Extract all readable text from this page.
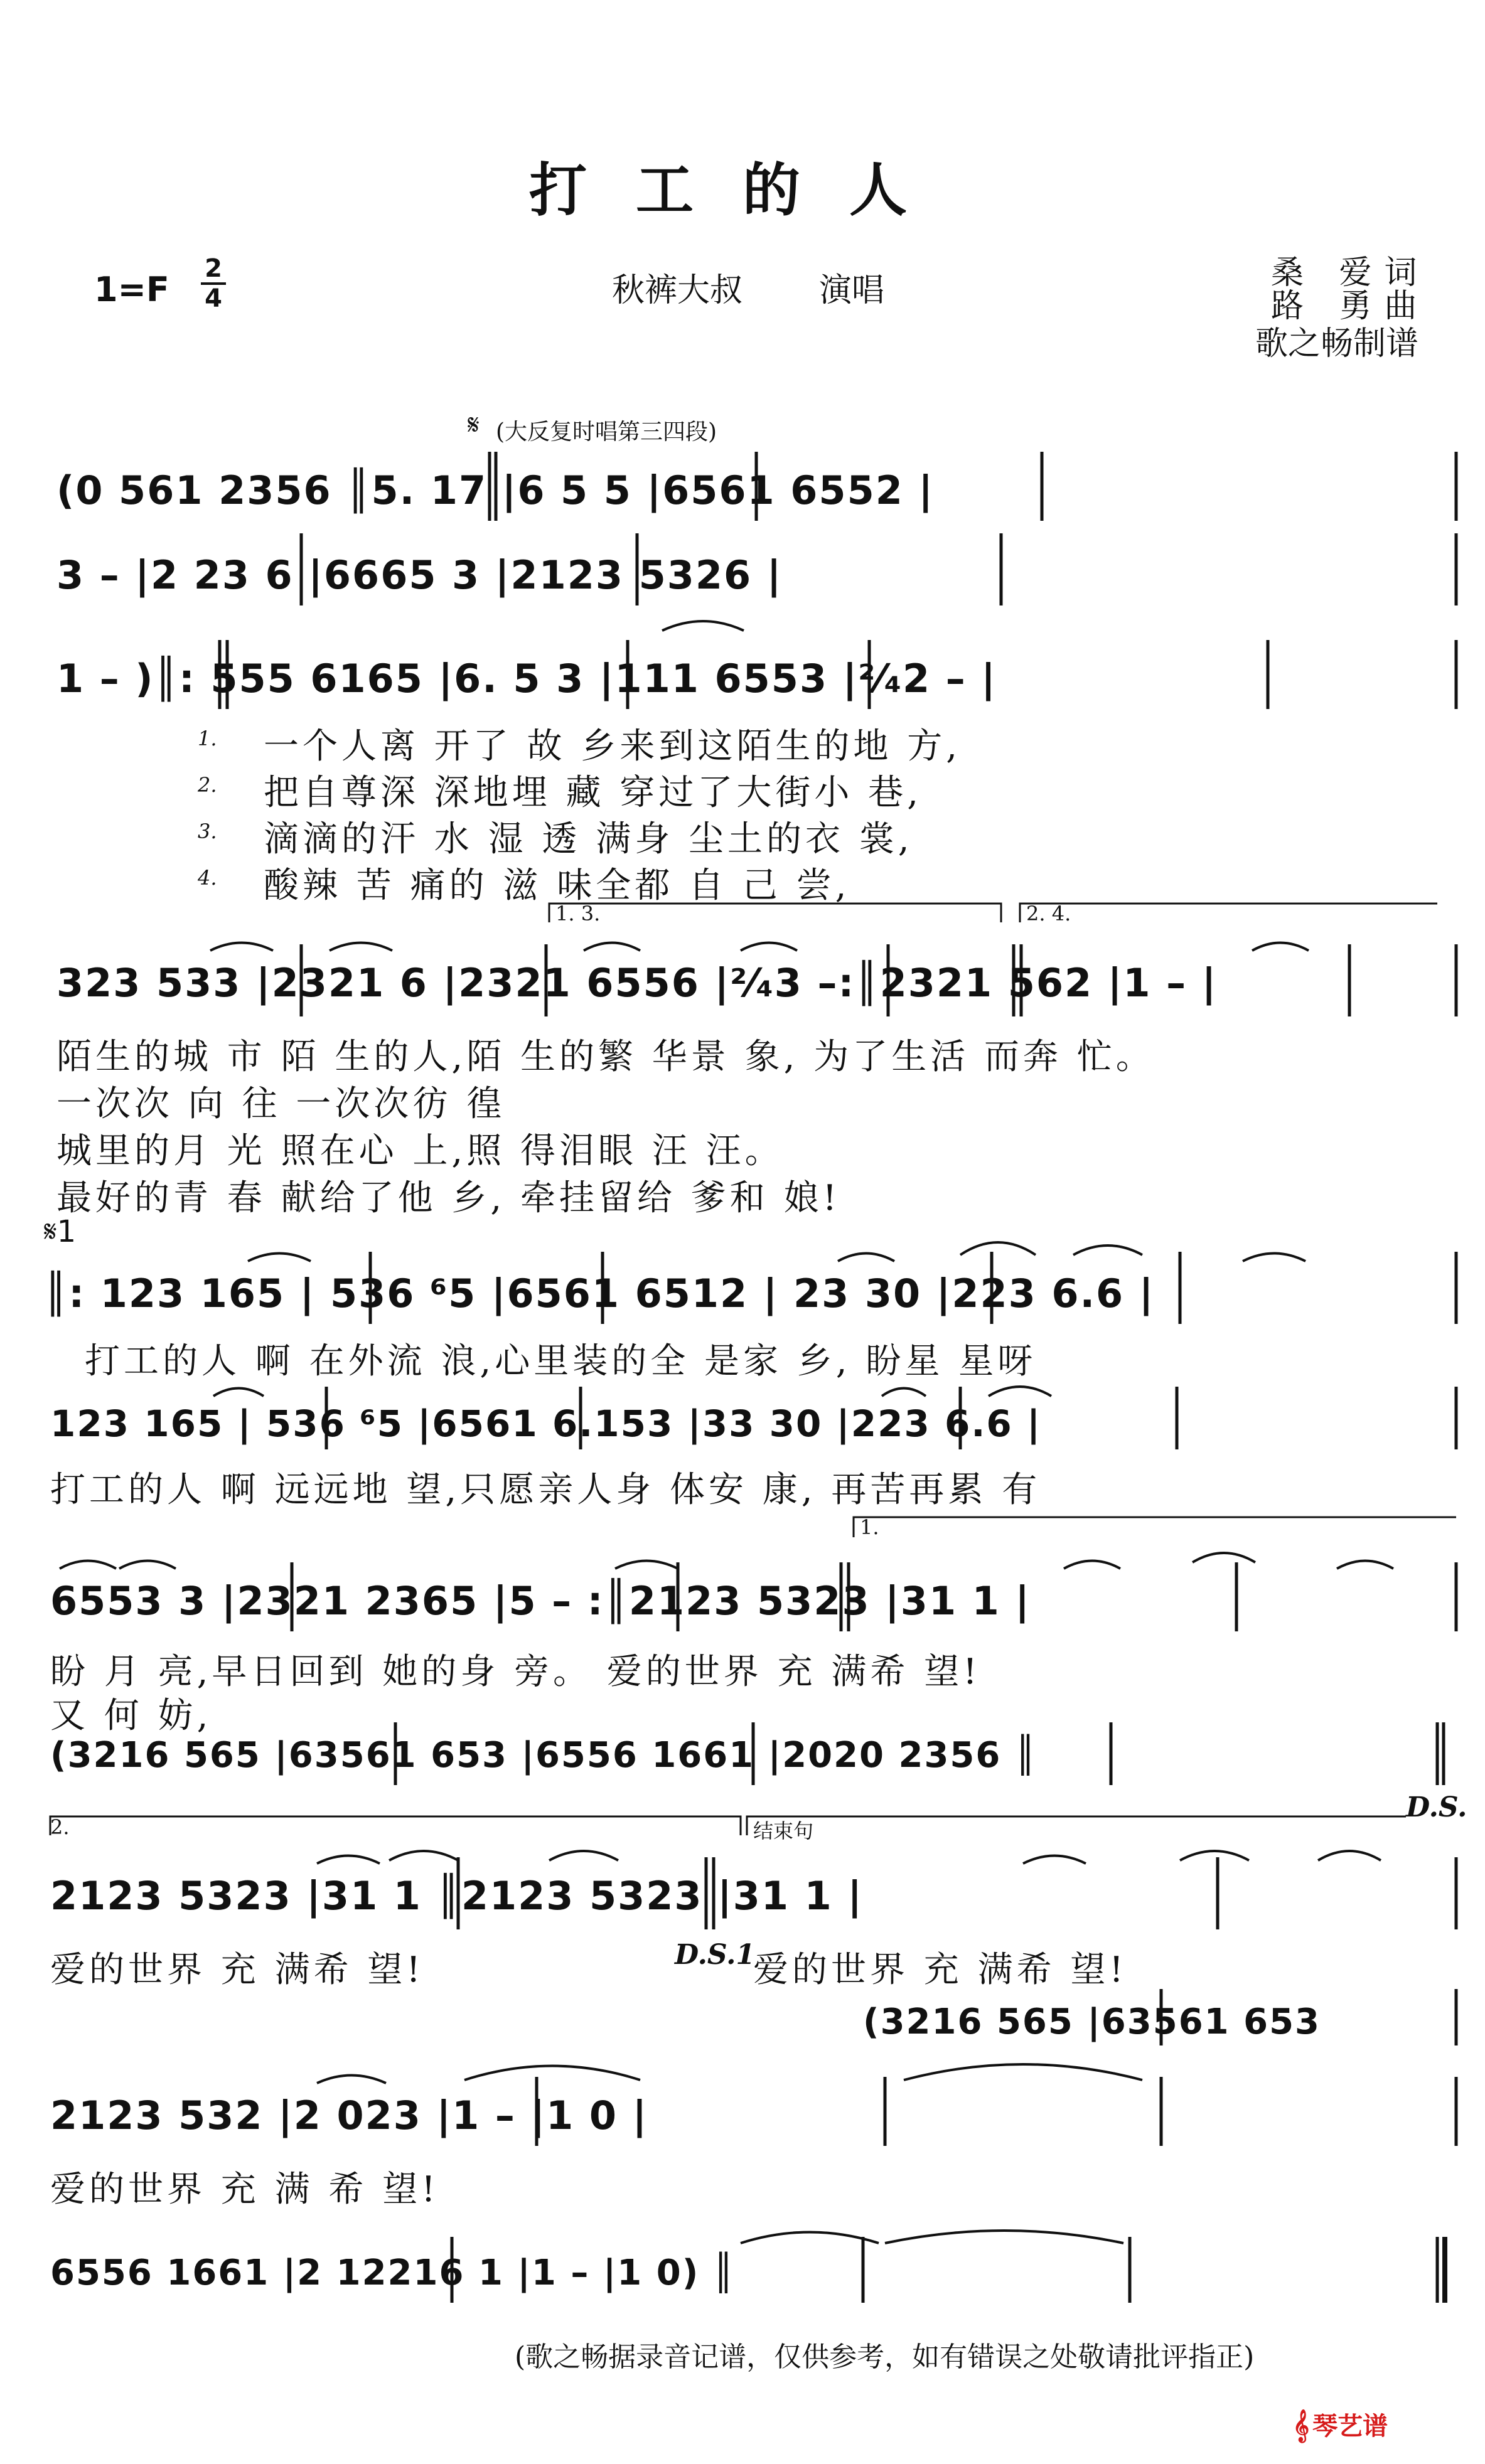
打工的人
1=F
2
4	秋裤大叔 演唱	桑 爱词
路 勇曲
歌之畅制谱
𝄋 (大反复时唱第三四段)
(0 561 2356 ║5. 17 |6 5 5 |6561 6552 |
3 – |2 23 6 |6665 3 |2123 5326 |
1 – )║: 555 6165 |6. 5 3 |111 6553 |²⁄₄2 – |
1.
2.
3.
4.
一个人离 开了 故 乡来到这陌生的地 方,
把自尊深 深地埋 藏 穿过了大街小 巷,
滴滴的汗 水 湿 透 满身 尘土的衣 裳,
酸辣 苦 痛的 滋 味全都 自 己 尝,
1. 3.	2. 4.
323 533 |2321 6 |2321 6556 |²⁄₄3 –:║2321 562 |1 – |
陌生的城 市 陌 生的人,陌 生的繁 华景 象, 为了生活 而奔 忙。
一次次 向 往 一次次彷 徨
城里的月 光 照在心 上,照 得泪眼 汪 汪。
最好的青 春 献给了他 乡, 牵挂留给 爹和 娘!
𝄋1
║: 123 165 | 536 ⁶5 |6561 6512 | 23 30 |223 6.6 |
打工的人 啊 在外流 浪,心里装的全 是家 乡, 盼星 星呀
123 165 | 536 ⁶5 |6561 6.153 |33 30 |223 6.6 |
打工的人 啊 远远地 望,只愿亲人身 体安 康, 再苦再累 有
1.
6553 3 |2321 2365 |5 – :║2123 5323 |31 1 |
盼 月 亮,早日回到 她的身 旁。 爱的世界 充 满希 望!
又 何 妨,
(3216 565 |63561 653 |6556 1661 |2020 2356 ║
D.S.
2.	结束句
2123 5323 |31 1 ║2123 5323 |31 1 |
爱的世界 充 满希 望!	D.S.1
爱的世界 充 满希 望!
(3216 565 |63561 653
2123 532 |2 023 |1 – |1 0 |
爱的世界 充 满 希 望!
6556 1661 |2 12216 1 |1 – |1 0) ║
(歌之畅据录音记谱，仅供参考，如有错误之处敬请批评指正)
𝄞 琴艺谱
